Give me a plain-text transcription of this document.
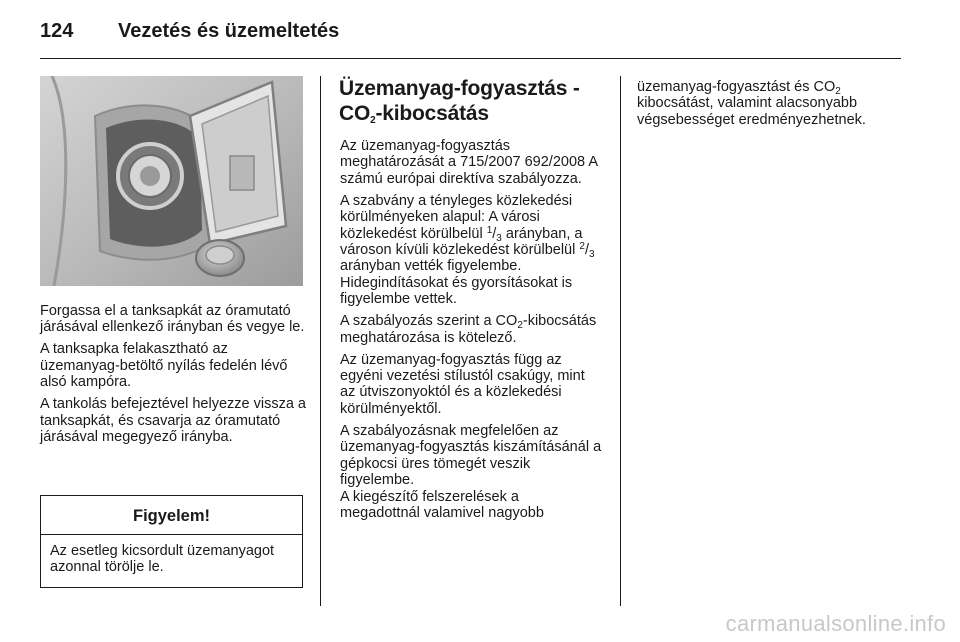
124 Vezetés és üzemeltetés

Forgassa el a tanksapkát az óramutató járásával ellenkező irányban és vegye le.

A tanksapka felakasztható az üzemanyag-betöltő nyílás fedelén lévő alsó kampóra.

A tankolás befejeztével helyezze vissza a tanksapkát, és csavarja az óramutató járásával megegyező irányba.

Figyelem!
Az esetleg kicsordult üzemanyagot azonnal törölje le.
Üzemanyag-fogyasztás - $CO_2$-kibocsátás

Az üzemanyag-fogyasztás meghatározását a 715/2007 692/2008 A számú európai direktíva szabályozza.

A szabvány a tényleges közlekedési körülményeken alapul: A városi közlekedést körülbelül $^1/_3$ arányban, a városon kívüli közlekedést körülbelül $^2/_3$ arányban vették figyelembe. Hidegindításokat és gyorsításokat is figyelembe vettek.

A szabályozás szerint a $CO_2$-kibocsátás meghatározása is kötelező.

Az üzemanyag-fogyasztás függ az egyéni vezetési stílustól csakúgy, mint az útviszonyoktól és a közlekedési körülményektől.

A szabályozásnak megfelelően az üzemanyag-fogyasztás kiszámításánál a gépkocsi üres tömegét veszik figyelembe.

A kiegészítő felszerelések a megadottnál valamivel nagyobb

üzemanyag-fogyasztást és $CO_2$ kibocsátást, valamint alacsonyabb végsebességet eredményezhetnek.

carmanualsonline.info
